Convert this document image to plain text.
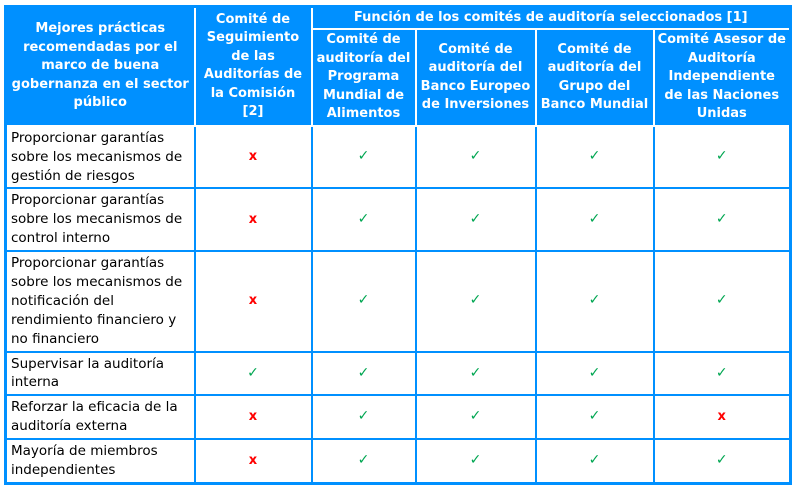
Mejores prácticas recomendadas por el marco de buena gobernanza en el sector público	Comité de Seguimiento de las Auditorías de la Comisión [2]	Función de los comités de auditoría seleccionados [1]			
		Comité de auditoría del Programa Mundial de Alimentos	Comité de auditoría del Banco Europeo de Inversiones	Comité de auditoría del Grupo del Banco Mundial	Comité Asesor de Auditoría Independiente de las Naciones Unidas
Proporcionar garantías sobre los mecanismos de gestión de riesgos	x	✓	✓	✓	✓
Proporcionar garantías sobre los mecanismos de control interno	x	✓	✓	✓	✓
Proporcionar garantías sobre los mecanismos de notificación del rendimiento financiero y no financiero	x	✓	✓	✓	✓
Supervisar la auditoría interna	✓	✓	✓	✓	✓
Reforzar la eficacia de la auditoría externa	x	✓	✓	✓	x
Mayoría de miembros independientes	x	✓	✓	✓	✓
